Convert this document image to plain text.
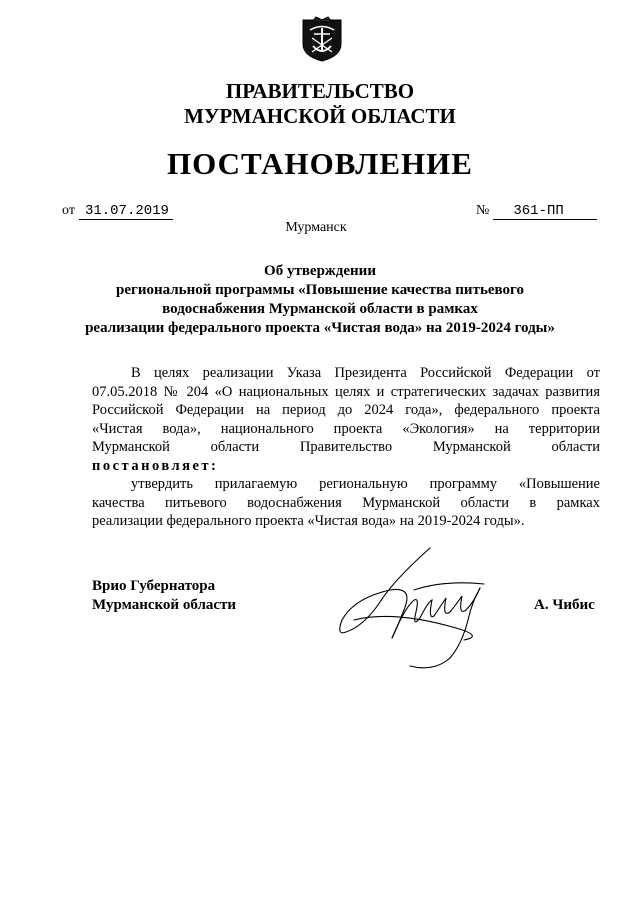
ПРАВИТЕЛЬСТВО
МУРМАНСКОЙ ОБЛАСТИ
ПОСТАНОВЛЕНИЕ
от 31.07.2019	№ 361-ПП
Мурманск
Об утверждении
региональной программы «Повышение качества питьевого
водоснабжения Мурманской области в рамках
реализации федерального проекта «Чистая вода» на 2019-2024 годы»

В целях реализации Указа Президента Российской Федерации от

07.05.2018 № 204 «О национальных целях и стратегических задачах развития

Российской Федерации на период до 2024 года», федерального проекта

«Чистая вода», национального проекта «Экология» на территории

Мурманской области Правительство Мурманской области

постановляет:

утвердить прилагаемую региональную программу «Повышение

качества питьевого водоснабжения Мурманской области в рамках

реализации федерального проекта «Чистая вода» на 2019-2024 годы».

Врио Губернатора
Мурманской области	А. Чибис
